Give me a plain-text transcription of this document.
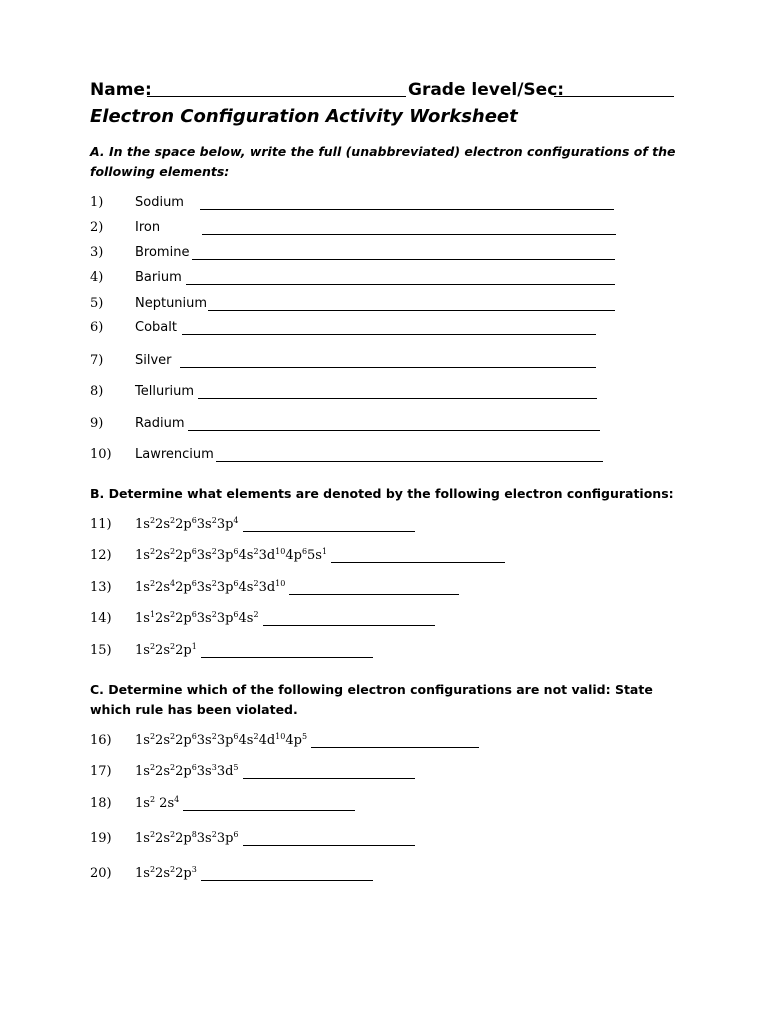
Name:	Grade level/Sec:
Electron Configuration Activity Worksheet
A. In the space below, write the full (unabbreviated) electron configurations of the following elements:
1) Sodium
2) Iron
3) Bromine
4) Barium
5) Neptunium
6) Cobalt
7) Silver
8) Tellurium
9) Radium
10) Lawrencium
B. Determine what elements are denoted by the following electron configurations:
11) $1s^22s^22p^63s^23p^4$
12) $1s^22s^22p^63s^23p^64s^23d^{10}4p^65s^1$
13) $1s^22s^42p^63s^23p^64s^23d^{10}$
14) $1s^12s^22p^63s^23p^64s^2$
15) $1s^22s^22p^1$
C. Determine which of the following electron configurations are not valid: State which rule has been violated.
16) $1s^22s^22p^63s^23p^64s^24d^{10}4p^5$
17) $1s^22s^22p^63s^33d^5$
18) $1s^2$ $2s^4$
19) $1s^22s^22p^83s^23p^6$
20) $1s^22s^22p^3$
